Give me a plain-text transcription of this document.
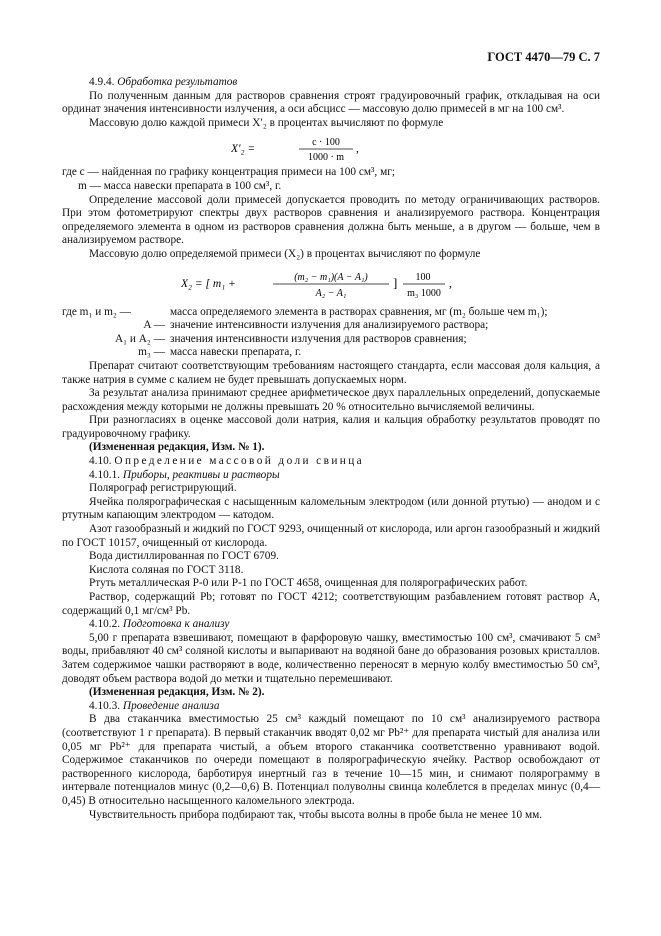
ГОСТ 4470—79 С. 7

4.9.4. Обработка результатов

По полученным данным для растворов сравнения строят градуировочный график, откладывая на оси ординат значения интенсивности излучения, а оси абсцисс — массовую долю примесей в мг на 100 см³.

Массовую долю каждой примеси X′₂ в процентах вычисляют по формуле

X′₂ =
c · 100
1000 · m
,

где c — найденная по графику концентрация примеси на 100 см³, мг;

m — масса навески препарата в 100 см³, г.

Определение массовой доли примесей допускается проводить по методу ограничивающих растворов. При этом фотометрируют спектры двух растворов сравнения и анализируемого раствора. Концентрация определяемого элемента в одном из растворов сравнения должна быть меньше, а в другом — больше, чем в анализируемом растворе.

Массовую долю определяемой примеси (X₂) в процентах вычисляют по формуле

X₂ = [ m₁ +
(m₂ − m₁)(A − A₁)
A₂ − A₁
] 100
m₃ 1000
,
где m₁ и m₂ —	масса определяемого элемента в растворах сравнения, мг (m₂ больше чем m₁);
A —	значение интенсивности излучения для анализируемого раствора;
A₁ и A₂ —	значения интенсивности излучения для растворов сравнения;
m₃ —	масса навески препарата, г.

Препарат считают соответствующим требованиям настоящего стандарта, если массовая доля кальция, а также натрия в сумме с калием не будет превышать допускаемых норм.

За результат анализа принимают среднее арифметическое двух параллельных определений, допускаемые расхождения между которыми не должны превышать 20 % относительно вычисляемой величины.

При разногласиях в оценке массовой доли натрия, калия и кальция обработку результатов проводят по градуировочному графику.

(Измененная редакция, Изм. № 1).

4.10. Определение массовой доли свинца

4.10.1. Приборы, реактивы и растворы

Полярограф регистрирующий.

Ячейка полярографическая с насыщенным каломельным электродом (или донной ртутью) — анодом и с ртутным капающим электродом — катодом.

Азот газообразный и жидкий по ГОСТ 9293, очищенный от кислорода, или аргон газообразный и жидкий по ГОСТ 10157, очищенный от кислорода.

Вода дистиллированная по ГОСТ 6709.

Кислота соляная по ГОСТ 3118.

Ртуть металлическая Р-0 или Р-1 по ГОСТ 4658, очищенная для полярографических работ.

Раствор, содержащий Pb; готовят по ГОСТ 4212; соответствующим разбавлением готовят раствор А, содержащий 0,1 мг/см³ Pb.

4.10.2. Подготовка к анализу

5,00 г препарата взвешивают, помещают в фарфоровую чашку, вместимостью 100 см³, смачивают 5 см³ воды, прибавляют 40 см³ соляной кислоты и выпаривают на водяной бане до образования розовых кристаллов. Затем содержимое чашки растворяют в воде, количественно переносят в мерную колбу вместимостью 50 см³, доводят объем раствора водой до метки и тщательно перемешивают.

(Измененная редакция, Изм. № 2).

4.10.3. Проведение анализа

В два стаканчика вместимостью 25 см³ каждый помещают по 10 см³ анализируемого раствора (соответствуют 1 г препарата). В первый стаканчик вводят 0,02 мг Pb²⁺ для препарата чистый для анализа или 0,05 мг Pb²⁺ для препарата чистый, а объем второго стаканчика соответственно уравнивают водой. Содержимое стаканчиков по очереди помещают в полярографическую ячейку. Раствор освобождают от растворенного кислорода, барботируя инертный газ в течение 10—15 мин, и снимают полярограмму в интервале потенциалов минус (0,2—0,6) В. Потенциал полуволны свинца колеблется в пределах минус (0,4—0,45) В относительно насыщенного каломельного электрода.

Чувствительность прибора подбирают так, чтобы высота волны в пробе была не менее 10 мм.
